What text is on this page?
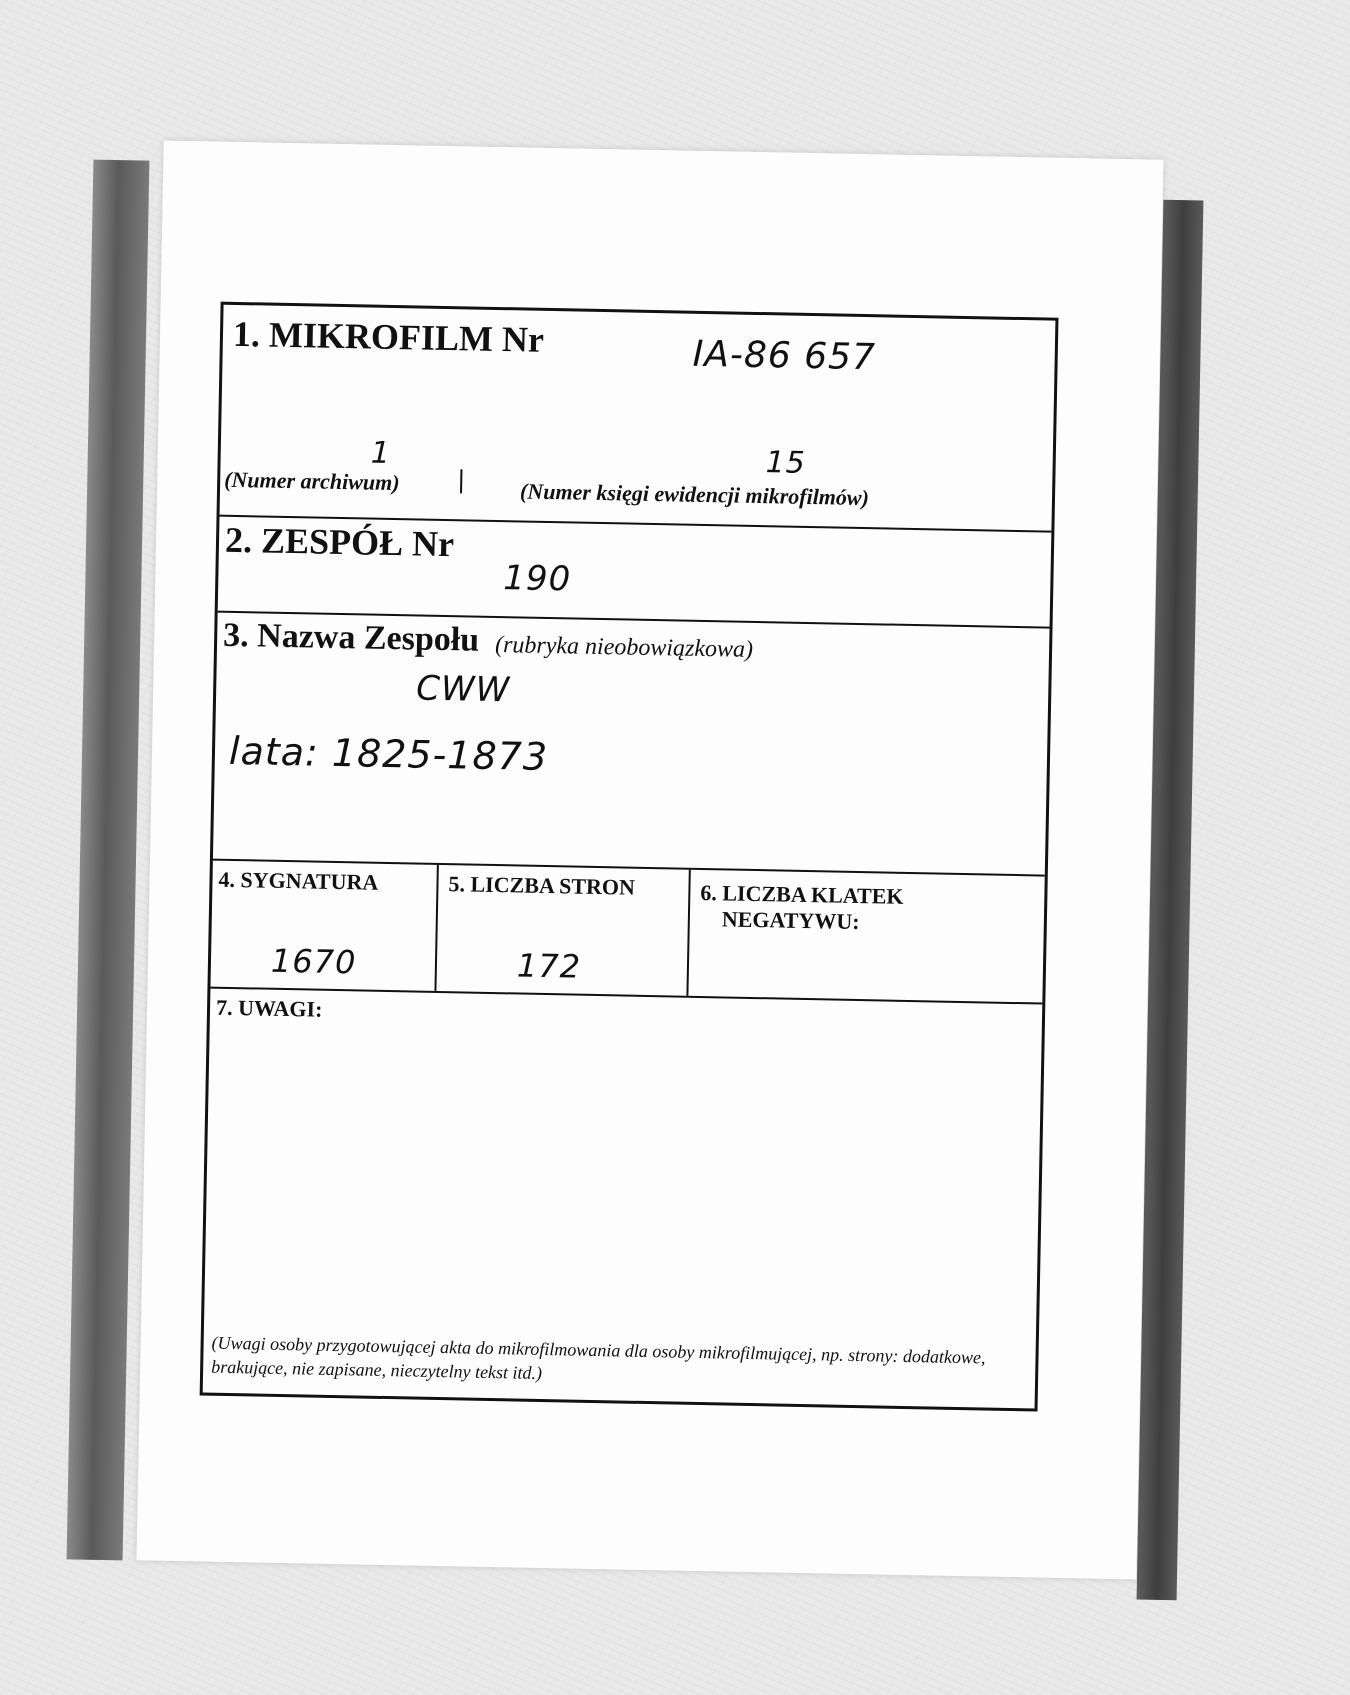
1. MIKROFILM Nr	IA-86 657
1
(Numer archiwum)
15
(Numer księgi ewidencji mikrofilmów)
2. ZESPÓŁ Nr
190
3. Nazwa Zespołu (rubryka nieobowiązkowa)
CWW
lata: 1825-1873
4. SYGNATURA
1670
5. LICZBA STRON
172
6. LICZBA KLATEK
NEGATYWU:
7. UWAGI:
(Uwagi osoby przygotowującej akta do mikrofilmowania dla osoby mikrofilmującej, np. strony: dodatkowe, brakujące, nie zapisane, nieczytelny tekst itd.)
